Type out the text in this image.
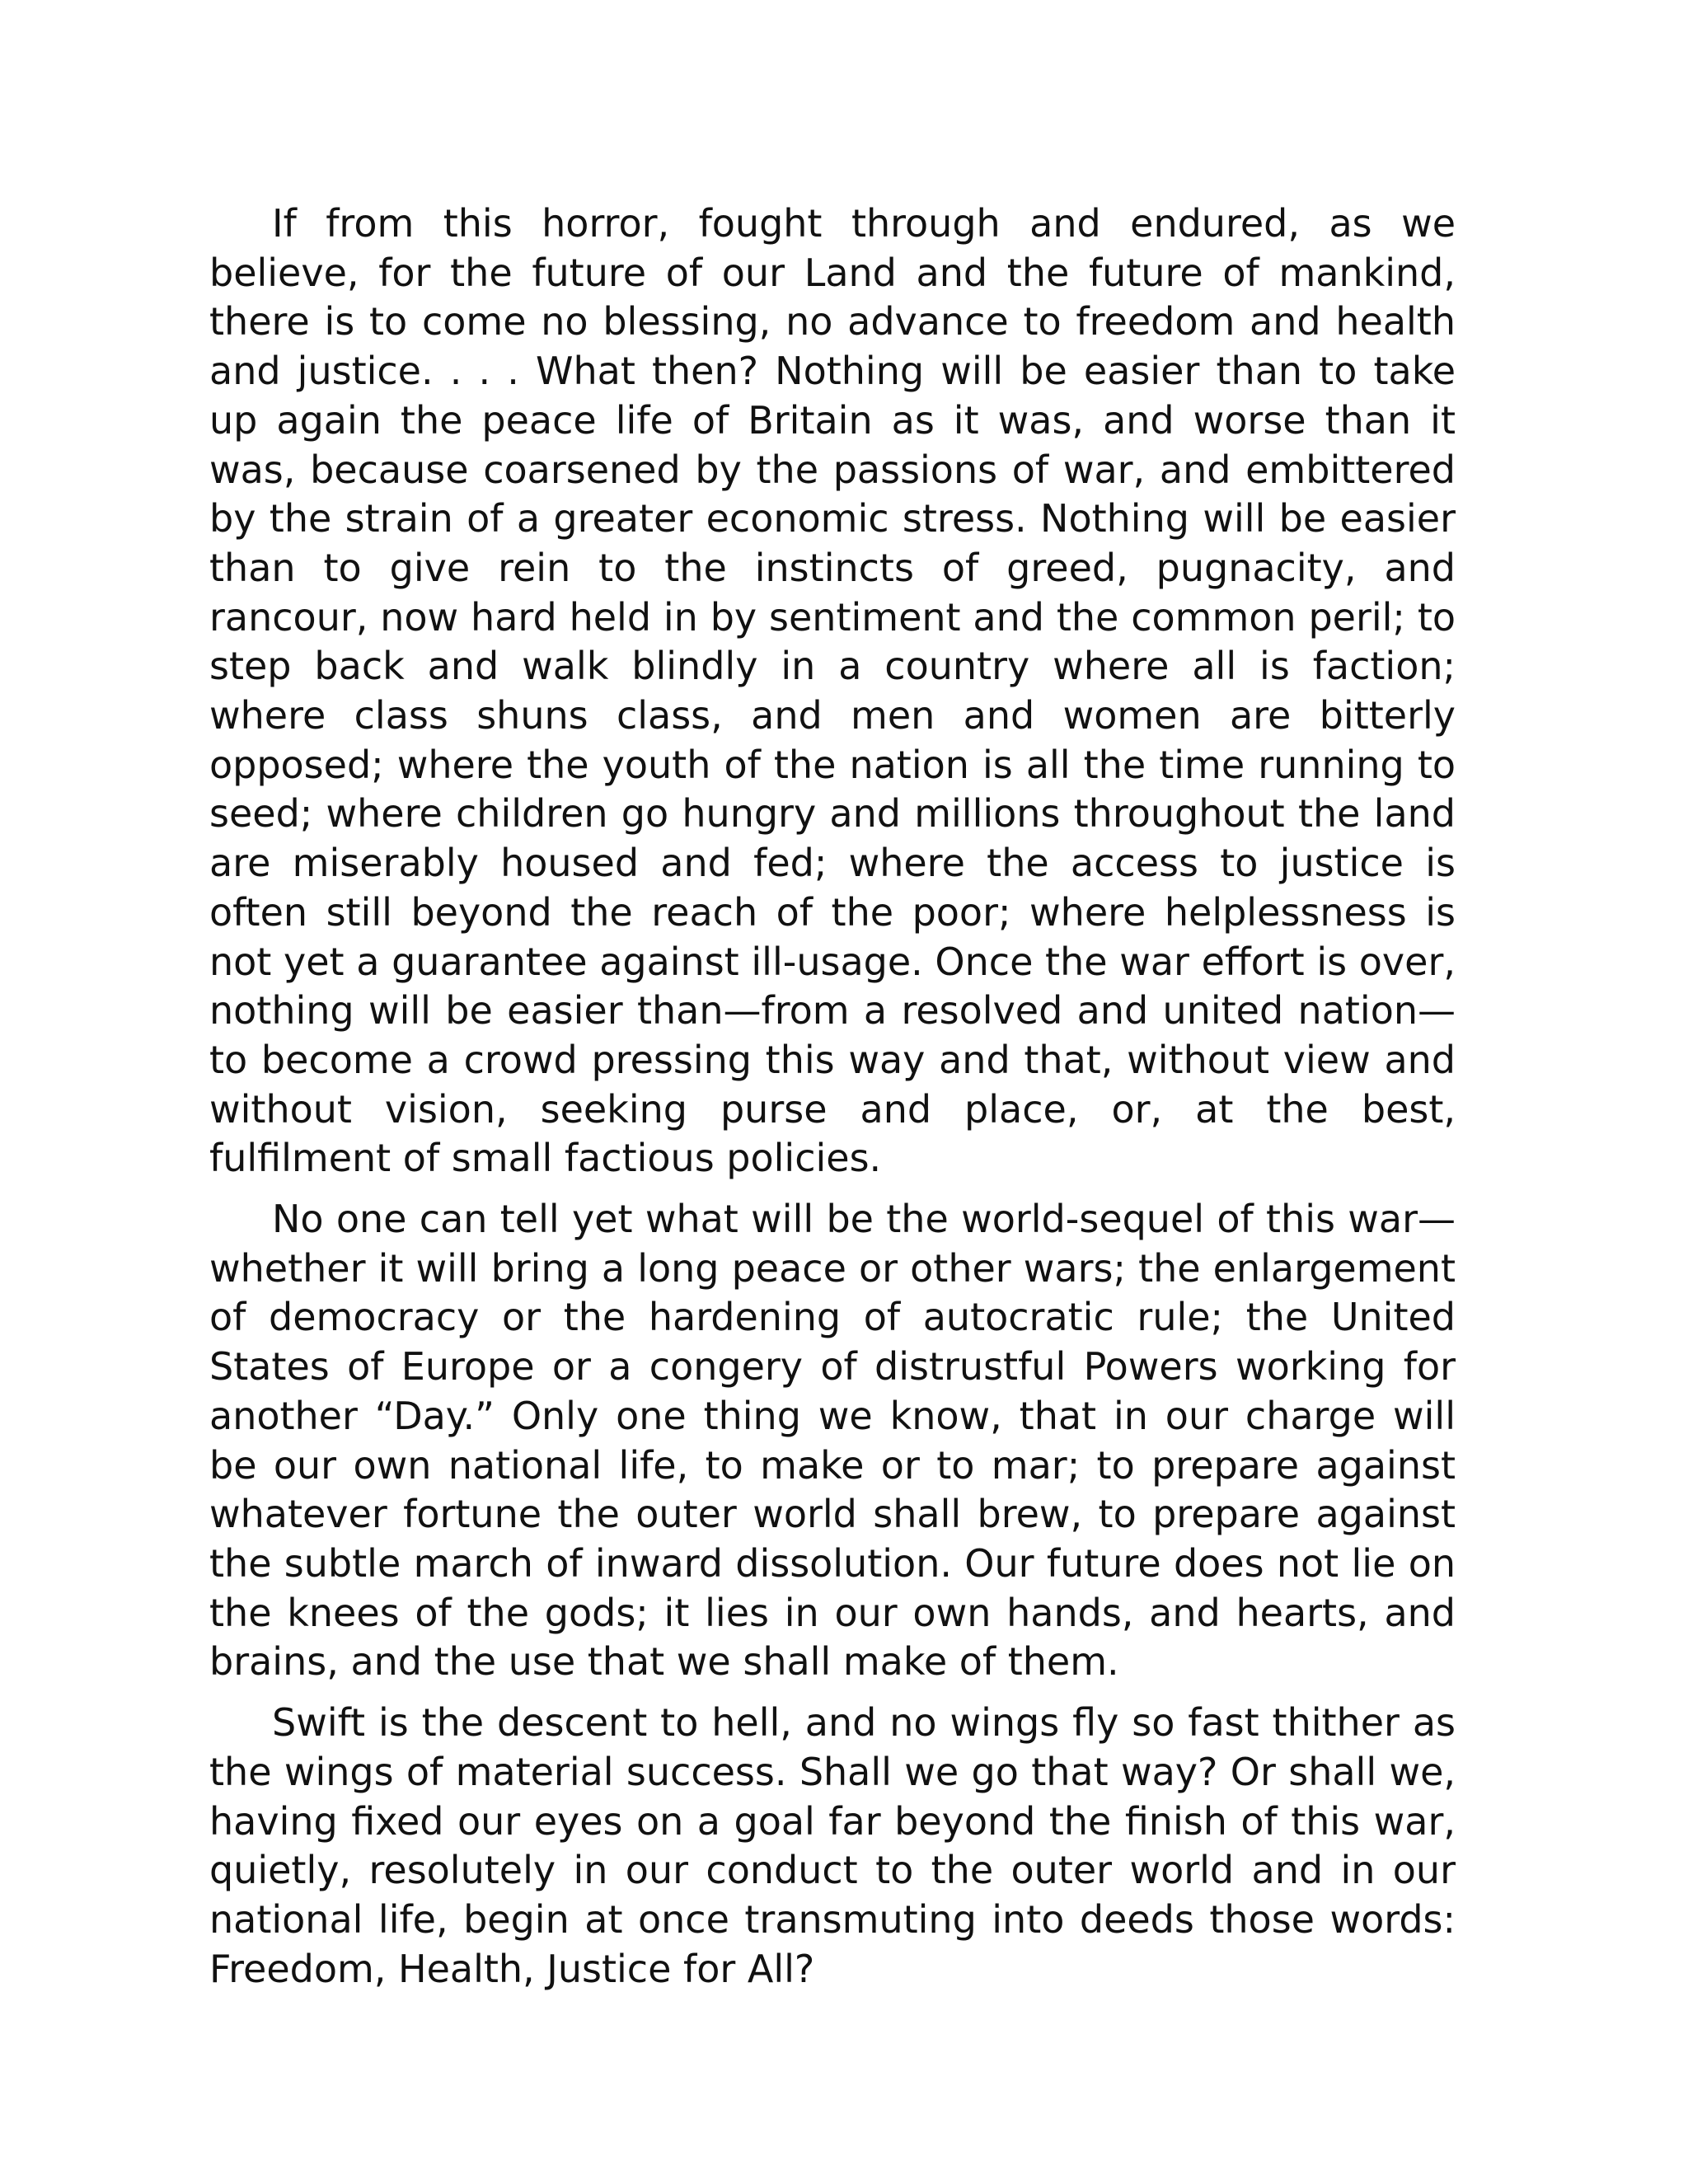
If from this horror, fought through and endured, as we believe, for the future of our Land and the future of mankind, there is to come no blessing, no advance to freedom and health and justice. . . . What then? Nothing will be easier than to take up again the peace life of Britain as it was, and worse than it was, because coarsened by the passions of war, and embittered by the strain of a greater economic stress. Nothing will be easier than to give rein to the instincts of greed, pugnacity, and rancour, now hard held in by sentiment and the common peril; to step back and walk blindly in a country where all is faction; where class shuns class, and men and women are bitterly opposed; where the youth of the nation is all the time running to seed; where children go hungry and millions throughout the land are miserably housed and fed; where the access to justice is often still beyond the reach of the poor; where helplessness is not yet a guarantee against ill-usage. Once the war effort is over, nothing will be easier than—from a resolved and united nation—to become a crowd pressing this way and that, without view and without vision, seeking purse and place, or, at the best, fulfilment of small factious policies.

No one can tell yet what will be the world-sequel of this war—whether it will bring a long peace or other wars; the enlargement of democracy or the hardening of autocratic rule; the United States of Europe or a congery of distrustful Powers working for another “Day.” Only one thing we know, that in our charge will be our own national life, to make or to mar; to prepare against whatever fortune the outer world shall brew, to prepare against the subtle march of inward dissolution. Our future does not lie on the knees of the gods; it lies in our own hands, and hearts, and brains, and the use that we shall make of them.

Swift is the descent to hell, and no wings fly so fast thither as the wings of material success. Shall we go that way? Or shall we, having fixed our eyes on a goal far beyond the finish of this war, quietly, resolutely in our conduct to the outer world and in our national life, begin at once transmuting into deeds those words: Freedom, Health, Justice for All?
